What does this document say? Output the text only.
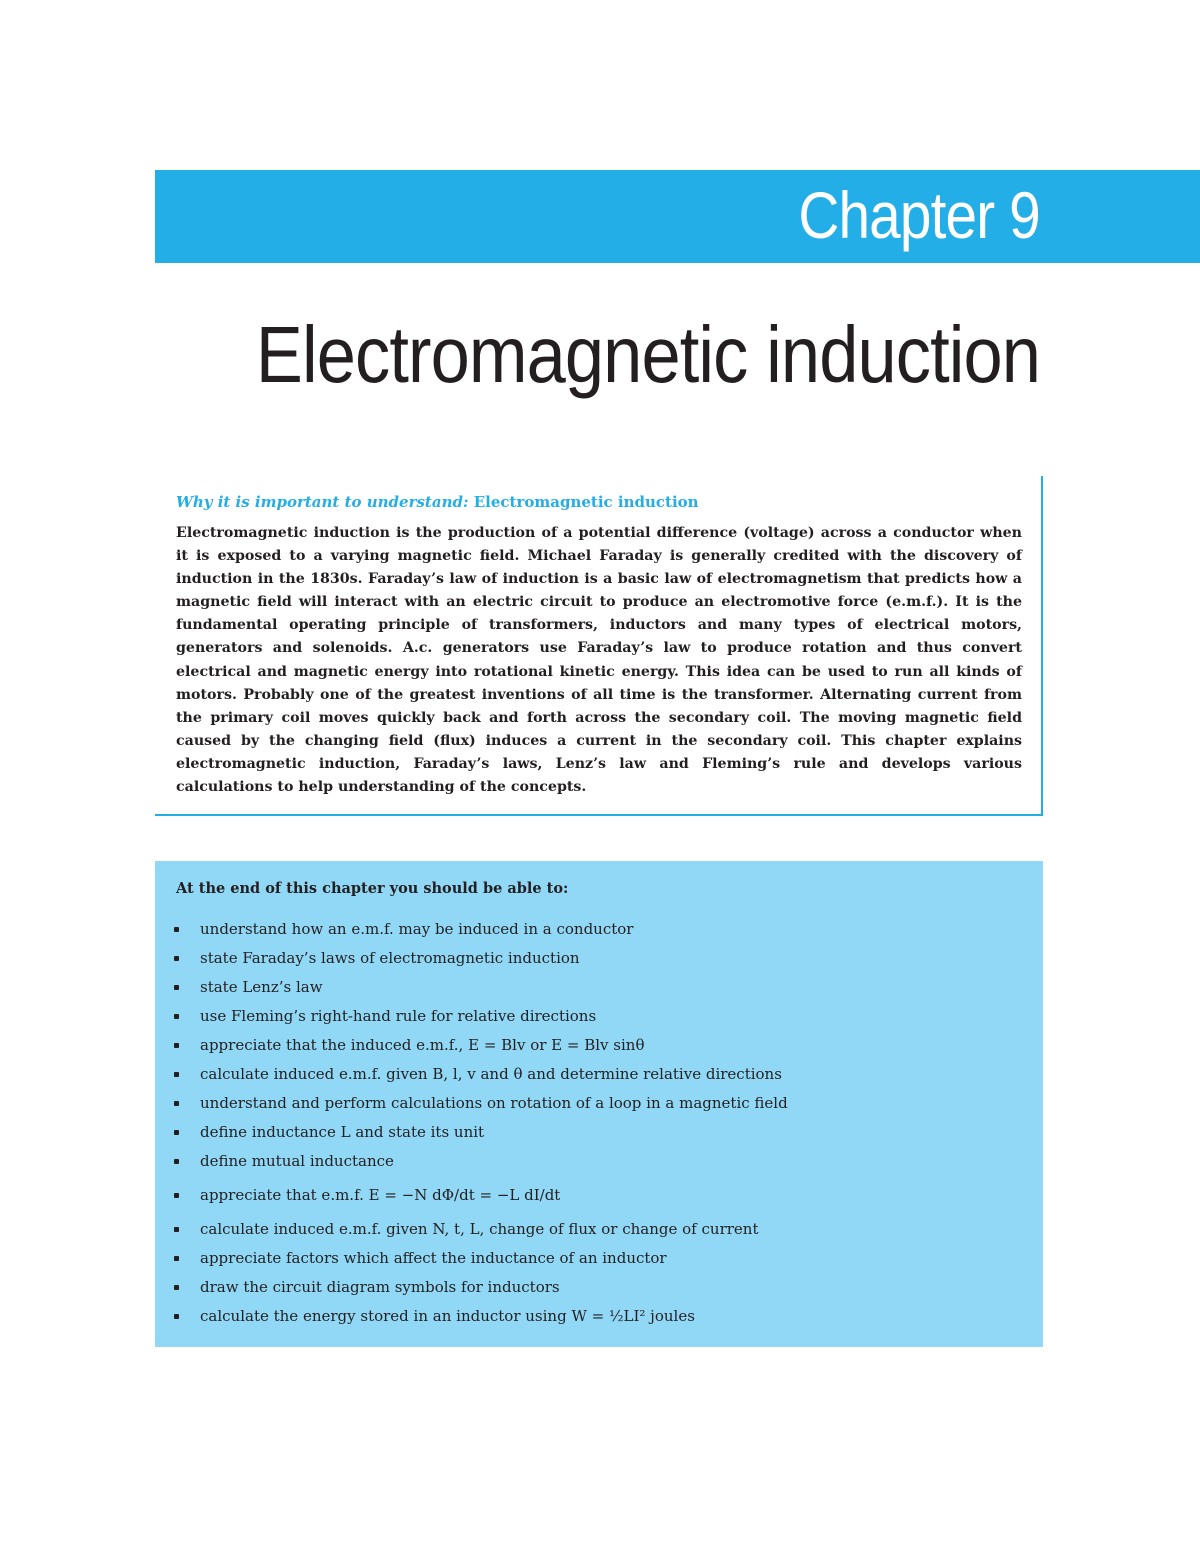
Chapter 9
Electromagnetic induction
Why it is important to understand: Electromagnetic induction

Electromagnetic induction is the production of a potential difference (voltage) across a conductor when it is exposed to a varying magnetic field. Michael Faraday is generally credited with the discovery of induction in the 1830s. Faraday’s law of induction is a basic law of electromagnetism that predicts how a magnetic field will interact with an electric circuit to produce an electromotive force (e.m.f.). It is the fundamental operating principle of transformers, inductors and many types of electrical motors, generators and solenoids. A.c. generators use Faraday’s law to produce rotation and thus convert electrical and magnetic energy into rotational kinetic energy. This idea can be used to run all kinds of motors. Probably one of the greatest inventions of all time is the transformer. Alternating current from the primary coil moves quickly back and forth across the secondary coil. The moving magnetic field caused by the changing field (flux) induces a current in the secondary coil. This chapter explains electromagnetic induction, Faraday’s laws, Lenz’s law and Fleming’s rule and develops various calculations to help understanding of the concepts.

At the end of this chapter you should be able to:
understand how an e.m.f. may be induced in a conductor
state Faraday’s laws of electromagnetic induction
state Lenz’s law
use Fleming’s right-hand rule for relative directions
appreciate that the induced e.m.f., E = Blv or E = Blv sinθ
calculate induced e.m.f. given B, l, v and θ and determine relative directions
understand and perform calculations on rotation of a loop in a magnetic field
define inductance L and state its unit
define mutual inductance
appreciate that e.m.f. E = −N dΦ/dt = −L dI/dt
calculate induced e.m.f. given N, t, L, change of flux or change of current
appreciate factors which affect the inductance of an inductor
draw the circuit diagram symbols for inductors
calculate the energy stored in an inductor using W = ½LI² joules
